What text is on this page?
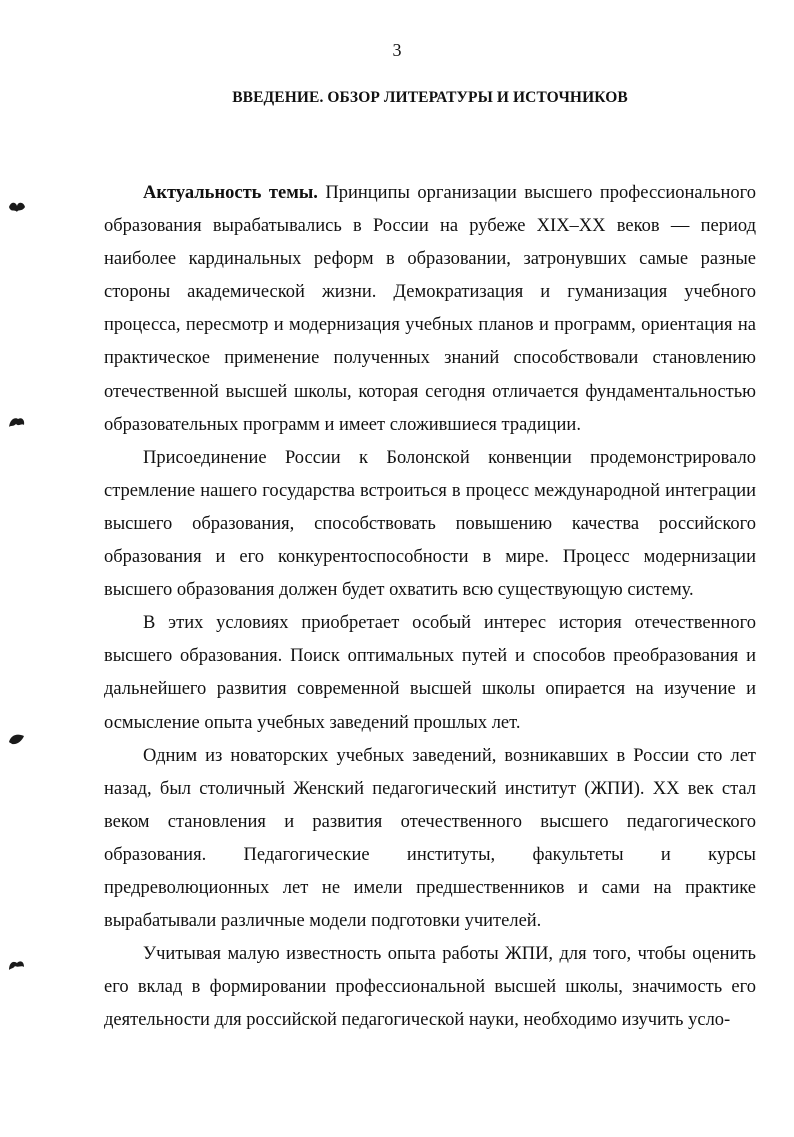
3
ВВЕДЕНИЕ. ОБЗОР ЛИТЕРАТУРЫ И ИСТОЧНИКОВ

Актуальность темы. Принципы организации высшего профессионального образования вырабатывались в России на рубеже XIX–XX веков — период наиболее кардинальных реформ в образовании, затронувших самые разные стороны академической жизни. Демократизация и гуманизация учебного процесса, пересмотр и модернизация учебных планов и программ, ориентация на практическое применение полученных знаний способствовали становлению отечественной высшей школы, которая сегодня отличается фундаментальностью образовательных программ и имеет сложившиеся традиции.

Присоединение России к Болонской конвенции продемонстрировало стремление нашего государства встроиться в процесс международной интеграции высшего образования, способствовать повышению качества российского образования и его конкурентоспособности в мире. Процесс модернизации высшего образования должен будет охватить всю существующую систему.

В этих условиях приобретает особый интерес история отечественного высшего образования. Поиск оптимальных путей и способов преобразования и дальнейшего развития современной высшей школы опирается на изучение и осмысление опыта учебных заведений прошлых лет.

Одним из новаторских учебных заведений, возникавших в России сто лет назад, был столичный Женский педагогический институт (ЖПИ). XX век стал веком становления и развития отечественного высшего педагогического образования. Педагогические институты, факультеты и курсы предреволюционных лет не имели предшественников и сами на практике вырабатывали различные модели подготовки учителей.

Учитывая малую известность опыта работы ЖПИ, для того, чтобы оценить его вклад в формировании профессиональной высшей школы, значимость его деятельности для российской педагогической науки, необходимо изучить усло-
